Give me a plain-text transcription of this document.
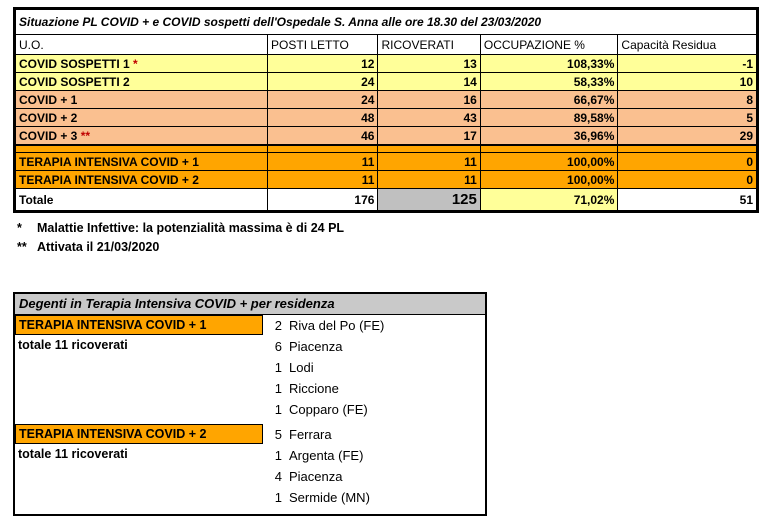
Situazione PL COVID + e COVID sospetti dell'Ospedale S. Anna alle ore 18.30 del 23/03/2020				
U.O.	POSTI LETTO	RICOVERATI	OCCUPAZIONE %	Capacità Residua
COVID SOSPETTI 1 *	12	13	108,33%	-1
COVID SOSPETTI 2	24	14	58,33%	10
COVID + 1	24	16	66,67%	8
COVID + 2	48	43	89,58%	5
COVID + 3 **	46	17	36,96%	29

TERAPIA INTENSIVA COVID + 1	11	11	100,00%	0
TERAPIA INTENSIVA COVID + 2	11	11	100,00%	0
Totale	176	125	71,02%	51
* Malattie Infettive: la potenzialità massima è di 24 PL
** Attivata il 21/03/2020
Degenti in Terapia Intensiva COVID + per residenza
TERAPIA INTENSIVA COVID + 1
totale 11 ricoverati
2 Riva del Po (FE)
6 Piacenza
1 Lodi
1 Riccione
1 Copparo (FE)
TERAPIA INTENSIVA COVID + 2
totale 11 ricoverati
5 Ferrara
1 Argenta (FE)
4 Piacenza
1 Sermide (MN)
